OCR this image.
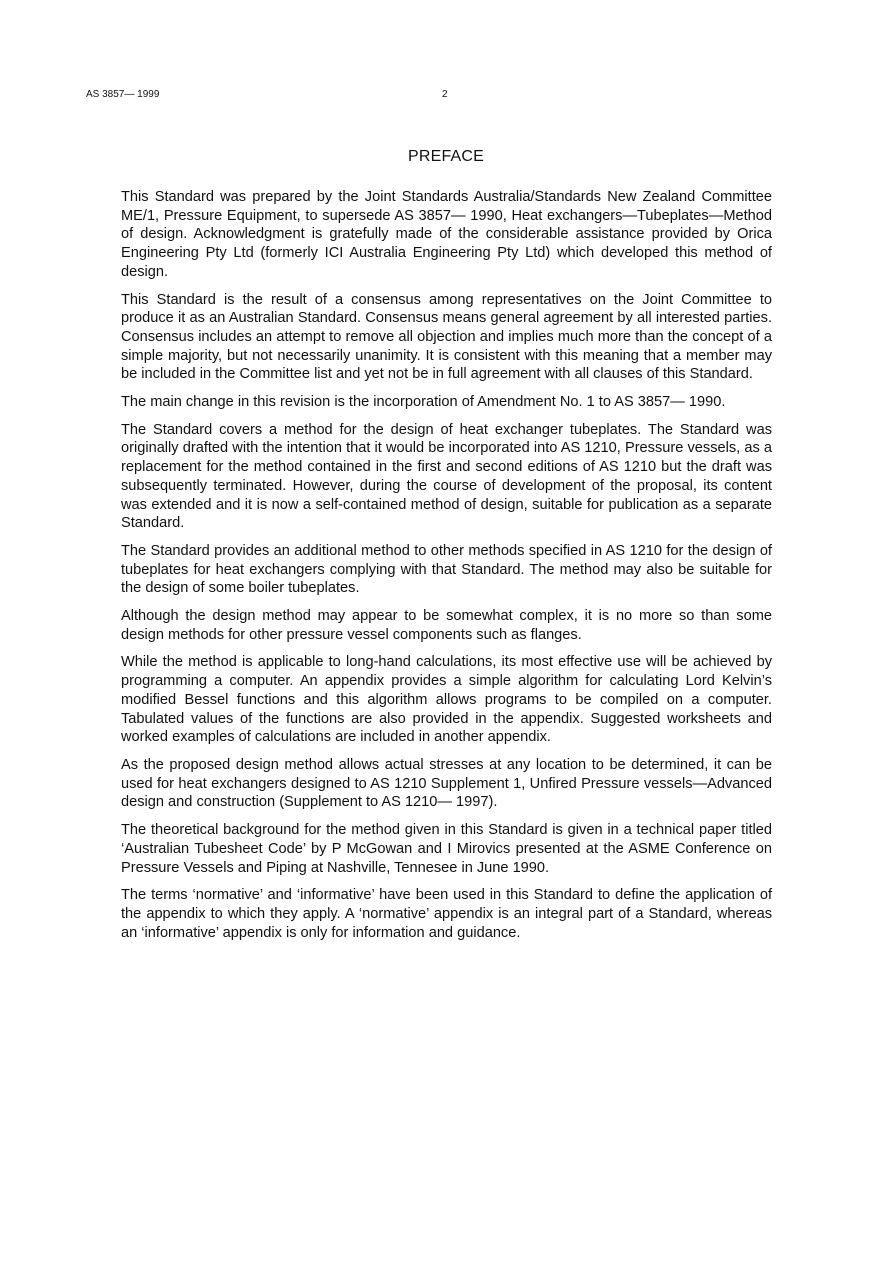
AS 3857— 1999	2
PREFACE

This Standard was prepared by the Joint Standards Australia/Standards New Zealand Committee ME/1, Pressure Equipment, to supersede AS 3857— 1990, Heat exchangers—Tubeplates—Method of design. Acknowledgment is gratefully made of the considerable assistance provided by Orica Engineering Pty Ltd (formerly ICI Australia Engineering Pty Ltd) which developed this method of design.

This Standard is the result of a consensus among representatives on the Joint Committee to produce it as an Australian Standard. Consensus means general agreement by all interested parties. Consensus includes an attempt to remove all objection and implies much more than the concept of a simple majority, but not necessarily unanimity. It is consistent with this meaning that a member may be included in the Committee list and yet not be in full agreement with all clauses of this Standard.

The main change in this revision is the incorporation of Amendment No. 1 to AS 3857— 1990.

The Standard covers a method for the design of heat exchanger tubeplates. The Standard was originally drafted with the intention that it would be incorporated into AS 1210, Pressure vessels, as a replacement for the method contained in the first and second editions of AS 1210 but the draft was subsequently terminated. However, during the course of development of the proposal, its content was extended and it is now a self-contained method of design, suitable for publication as a separate Standard.

The Standard provides an additional method to other methods specified in AS 1210 for the design of tubeplates for heat exchangers complying with that Standard. The method may also be suitable for the design of some boiler tubeplates.

Although the design method may appear to be somewhat complex, it is no more so than some design methods for other pressure vessel components such as flanges.

While the method is applicable to long-hand calculations, its most effective use will be achieved by programming a computer. An appendix provides a simple algorithm for calculating Lord Kelvin’s modified Bessel functions and this algorithm allows programs to be compiled on a computer. Tabulated values of the functions are also provided in the appendix. Suggested worksheets and worked examples of calculations are included in another appendix.

As the proposed design method allows actual stresses at any location to be determined, it can be used for heat exchangers designed to AS 1210 Supplement 1, Unfired Pressure vessels—Advanced design and construction (Supplement to AS 1210— 1997).

The theoretical background for the method given in this Standard is given in a technical paper titled ‘Australian Tubesheet Code’ by P McGowan and I Mirovics presented at the ASME Conference on Pressure Vessels and Piping at Nashville, Tennesee in June 1990.

The terms ‘normative’ and ‘informative’ have been used in this Standard to define the application of the appendix to which they apply. A ‘normative’ appendix is an integral part of a Standard, whereas an ‘informative’ appendix is only for information and guidance.
